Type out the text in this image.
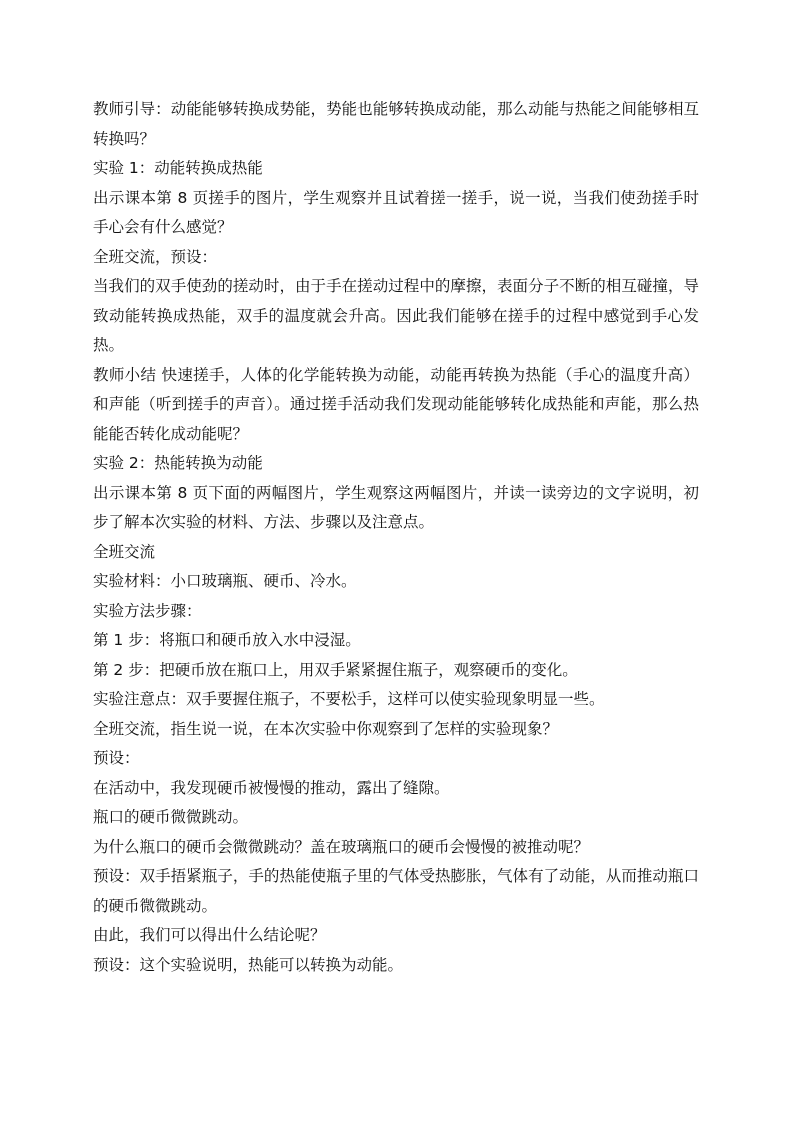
教师引导：动能能够转换成势能，势能也能够转换成动能，那么动能与热能之间能够相互转换吗？

实验 1：动能转换成热能

出示课本第 8 页搓手的图片，学生观察并且试着搓一搓手，说一说，当我们使劲搓手时手心会有什么感觉？

全班交流，预设：

当我们的双手使劲的搓动时，由于手在搓动过程中的摩擦，表面分子不断的相互碰撞，导致动能转换成热能，双手的温度就会升高。因此我们能够在搓手的过程中感觉到手心发热。

教师小结 快速搓手，人体的化学能转换为动能，动能再转换为热能（手心的温度升高）和声能（听到搓手的声音）。通过搓手活动我们发现动能能够转化成热能和声能，那么热能能否转化成动能呢？

实验 2：热能转换为动能

出示课本第 8 页下面的两幅图片，学生观察这两幅图片，并读一读旁边的文字说明，初步了解本次实验的材料、方法、步骤以及注意点。

全班交流

实验材料：小口玻璃瓶、硬币、冷水。

实验方法步骤：

第 1 步：将瓶口和硬币放入水中浸湿。

第 2 步：把硬币放在瓶口上，用双手紧紧握住瓶子，观察硬币的变化。

实验注意点：双手要握住瓶子，不要松手，这样可以使实验现象明显一些。

全班交流，指生说一说，在本次实验中你观察到了怎样的实验现象？

预设：

在活动中，我发现硬币被慢慢的推动，露出了缝隙。

瓶口的硬币微微跳动。

为什么瓶口的硬币会微微跳动？盖在玻璃瓶口的硬币会慢慢的被推动呢？

预设：双手捂紧瓶子，手的热能使瓶子里的气体受热膨胀，气体有了动能，从而推动瓶口的硬币微微跳动。

由此，我们可以得出什么结论呢？

预设：这个实验说明，热能可以转换为动能。
